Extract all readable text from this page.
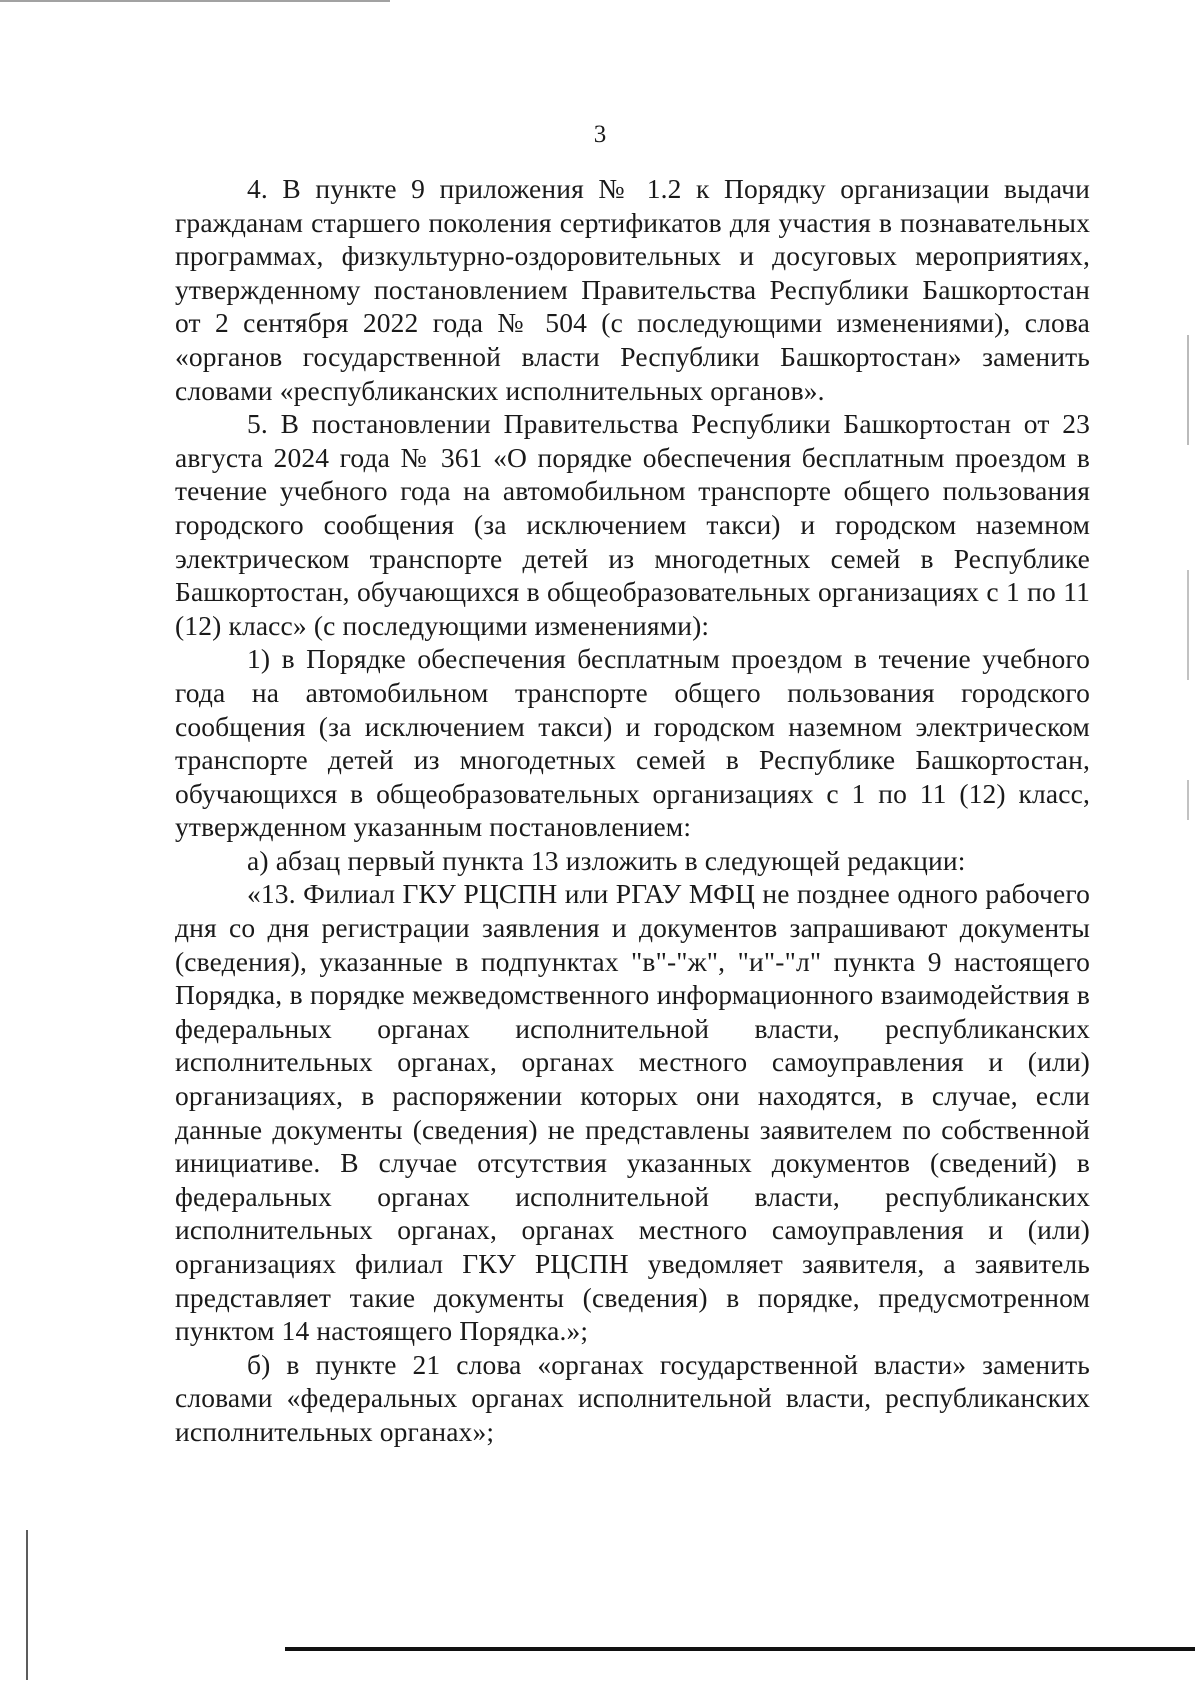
3

4. В пункте 9 приложения № 1.2 к Порядку организации выдачи гражданам старшего поколения сертификатов для участия в познавательных программах, физкультурно-оздоровительных и досуговых мероприятиях, утвержденному постановлением Правительства Республики Башкортостан от 2 сентября 2022 года № 504 (с последующими изменениями), слова «органов государственной власти Республики Башкортостан» заменить словами «республиканских исполнительных органов».

5. В постановлении Правительства Республики Башкортостан от 23 августа 2024 года № 361 «О порядке обеспечения бесплатным проездом в течение учебного года на автомобильном транспорте общего пользования городского сообщения (за исключением такси) и городском наземном электрическом транспорте детей из многодетных семей в Республике Башкортостан, обучающихся в общеобразовательных организациях с 1 по 11 (12) класс» (с последующими изменениями):

1) в Порядке обеспечения бесплатным проездом в течение учебного года на автомобильном транспорте общего пользования городского сообщения (за исключением такси) и городском наземном электрическом транспорте детей из многодетных семей в Республике Башкортостан, обучающихся в общеобразовательных организациях с 1 по 11 (12) класс, утвержденном указанным постановлением:

а) абзац первый пункта 13 изложить в следующей редакции:

«13. Филиал ГКУ РЦСПН или РГАУ МФЦ не позднее одного рабочего дня со дня регистрации заявления и документов запрашивают документы (сведения), указанные в подпунктах "в"-"ж", "и"-"л" пункта 9 настоящего Порядка, в порядке межведомственного информационного взаимодействия в федеральных органах исполнительной власти, республиканских исполнительных органах, органах местного самоуправления и (или) организациях, в распоряжении которых они находятся, в случае, если данные документы (сведения) не представлены заявителем по собственной инициативе. В случае отсутствия указанных документов (сведений) в федеральных органах исполнительной власти, республиканских исполнительных органах, органах местного самоуправления и (или) организациях филиал ГКУ РЦСПН уведомляет заявителя, а заявитель представляет такие документы (сведения) в порядке, предусмотренном пунктом 14 настоящего Порядка.»;

б) в пункте 21 слова «органах государственной власти» заменить словами «федеральных органах исполнительной власти, республиканских исполнительных органах»;
